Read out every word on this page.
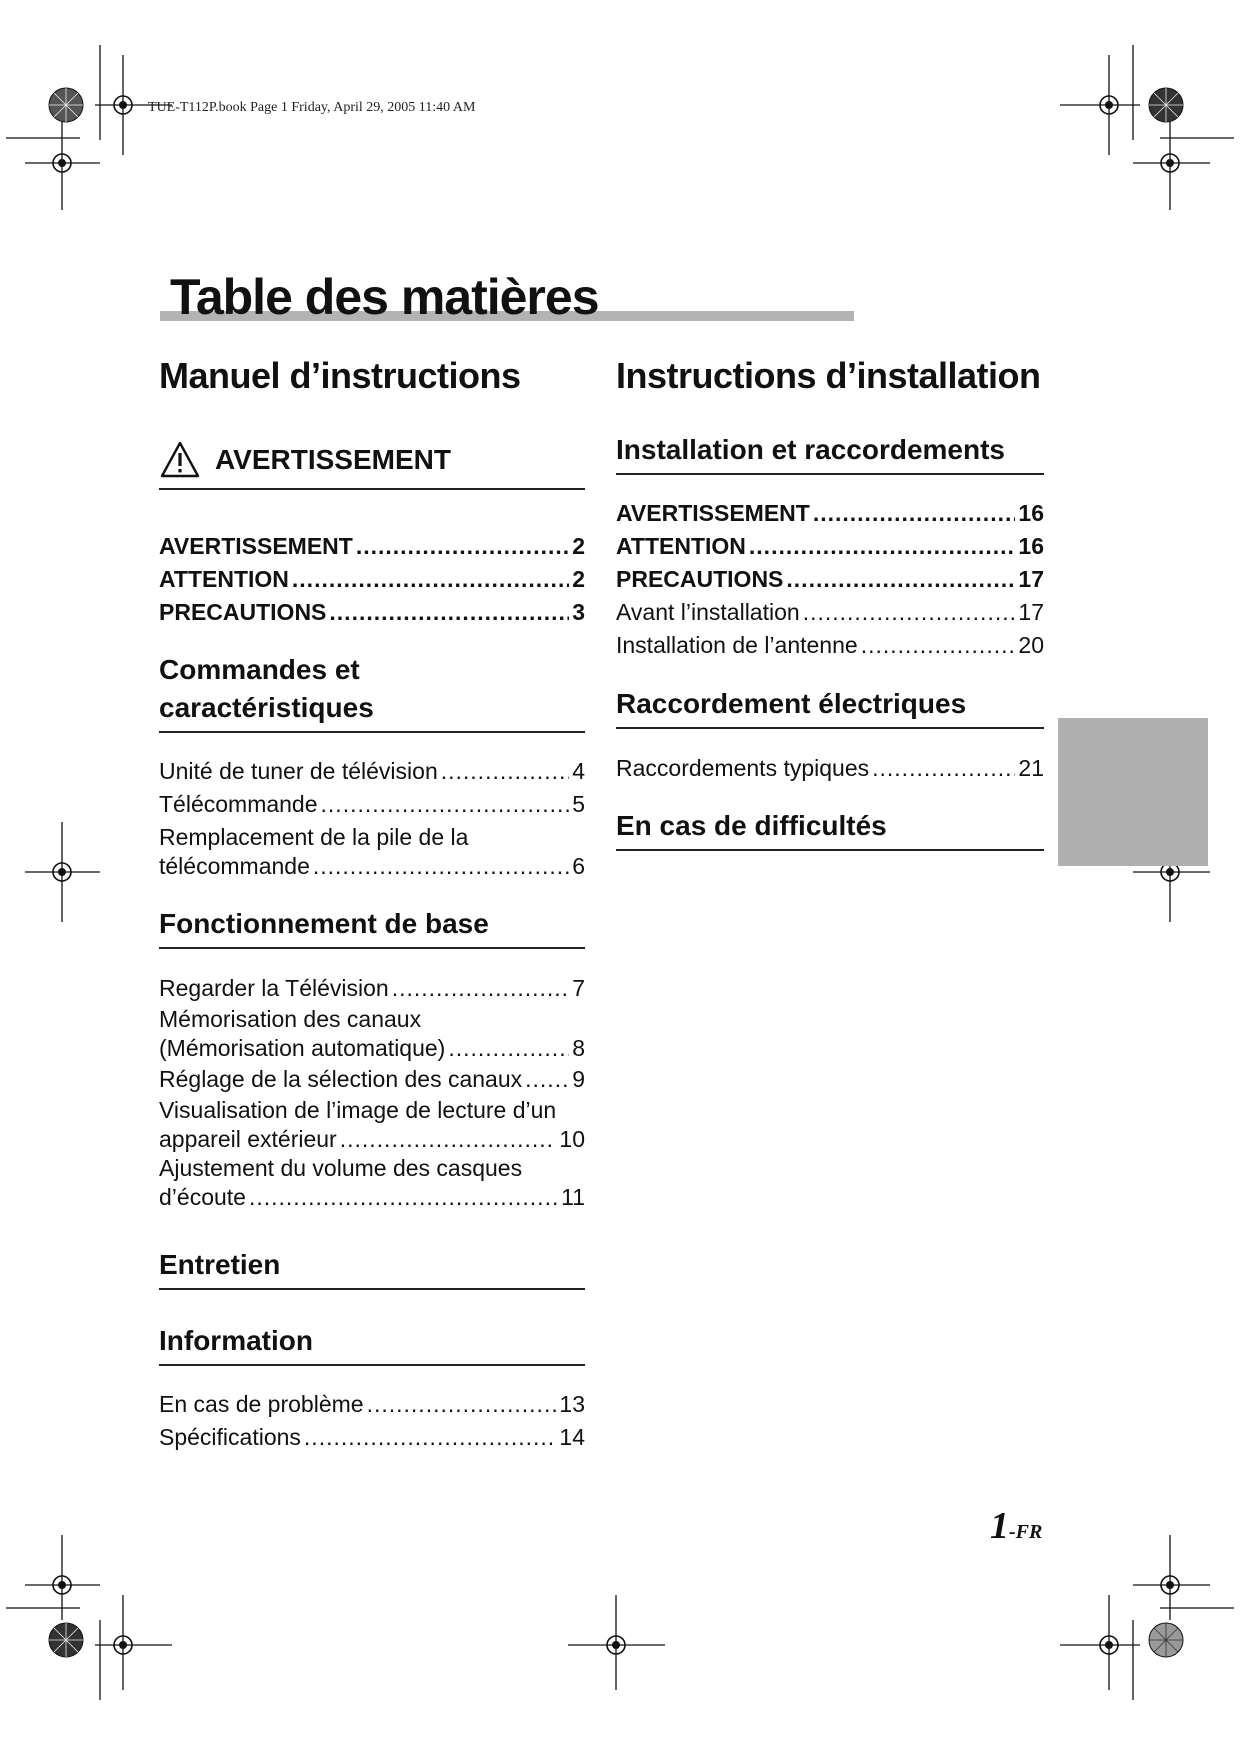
TUE-T112P.book Page 1 Friday, April 29, 2005 11:40 AM
Table des matières
Manuel d’instructions
AVERTISSEMENT
AVERTISSEMENT .....	2
ATTENTION .....	2
PRECAUTIONS .....	3
Commandes et
caractéristiques
Unité de tuner de télévision .....	4
Télécommande .....	5
Remplacement de la pile de la
télécommande .....	6
Fonctionnement de base
Regarder la Télévision .....	7
Mémorisation des canaux
(Mémorisation automatique) .....	8
Réglage de la sélection des canaux ..... 9
Visualisation de l’image de lecture d’un
appareil extérieur .....	10
Ajustement du volume des casques
d’écoute .....	11
Entretien
Information
En cas de problème .....	13
Spécifications .....	14
Instructions d’installation
Installation et raccordements
AVERTISSEMENT .....	16
ATTENTION .....	16
PRECAUTIONS .....	17
Avant l’installation .....	17
Installation de l’antenne .....	20
Raccordement électriques
Raccordements typiques .....	21
En cas de difficultés
1-FR
